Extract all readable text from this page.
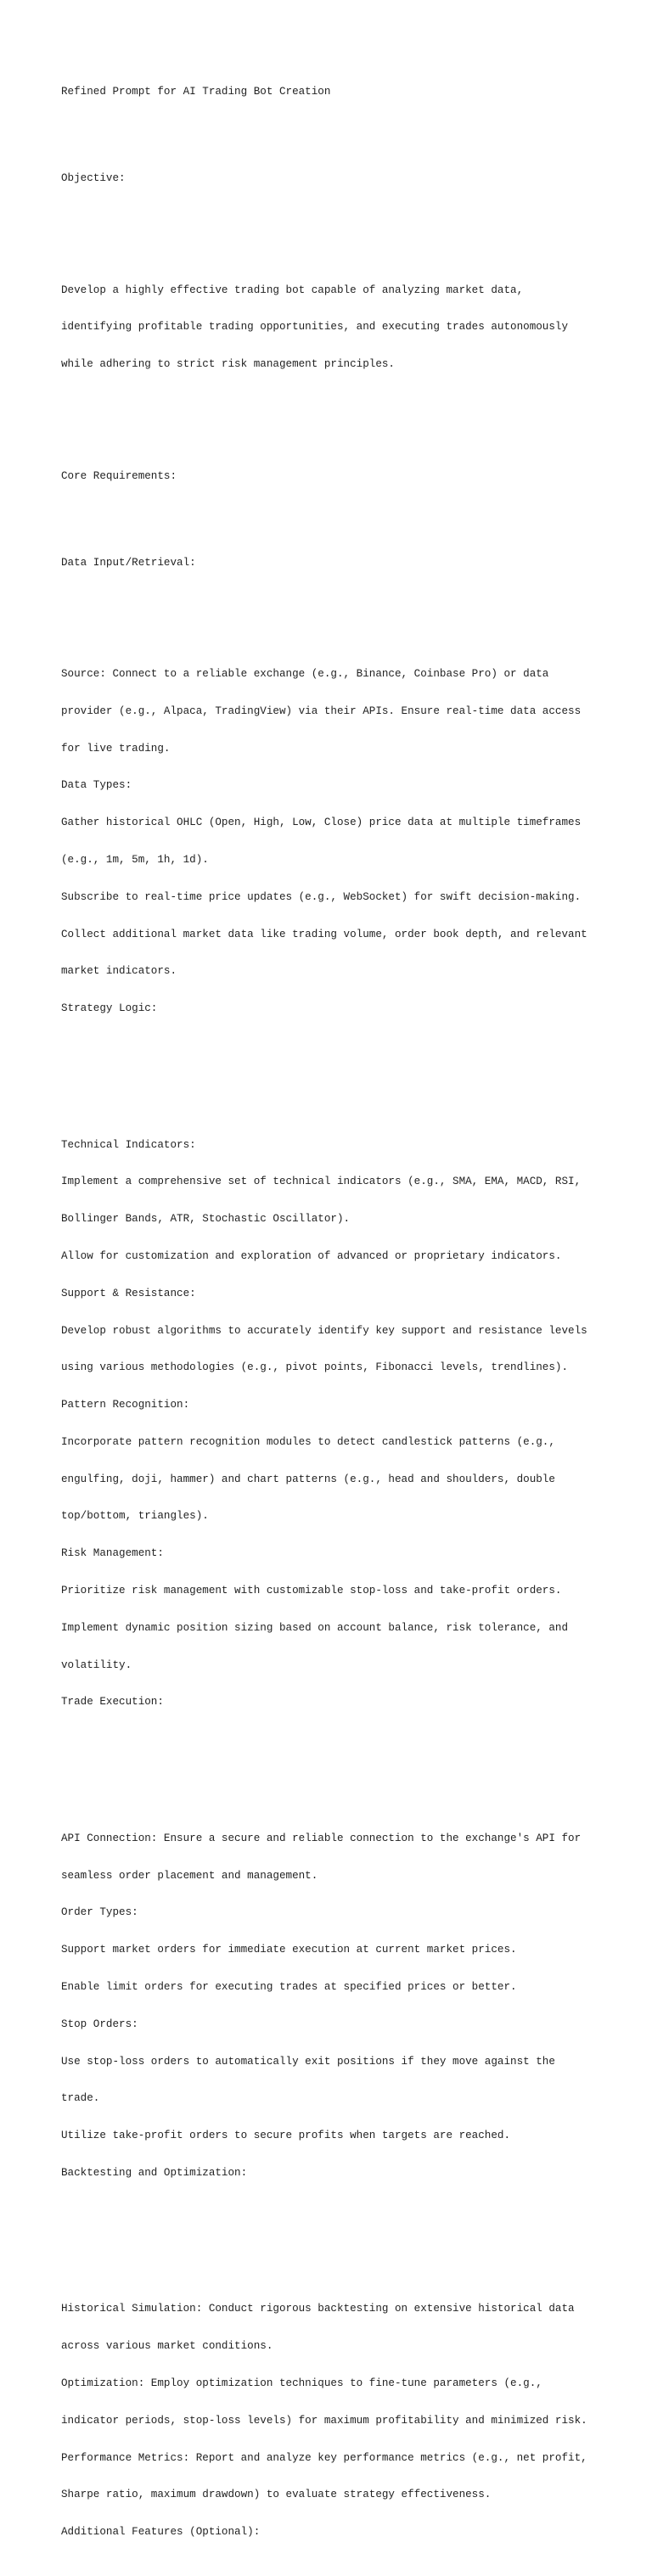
Refined Prompt for AI Trading Bot Creation

Objective:

Develop a highly effective trading bot capable of analyzing market data,

identifying profitable trading opportunities, and executing trades autonomously

while adhering to strict risk management principles.

Core Requirements:

Data Input/Retrieval:

Source: Connect to a reliable exchange (e.g., Binance, Coinbase Pro) or data

provider (e.g., Alpaca, TradingView) via their APIs. Ensure real-time data access

for live trading.

Data Types:

Gather historical OHLC (Open, High, Low, Close) price data at multiple timeframes

(e.g., 1m, 5m, 1h, 1d).

Subscribe to real-time price updates (e.g., WebSocket) for swift decision-making.

Collect additional market data like trading volume, order book depth, and relevant

market indicators.

Strategy Logic:

Technical Indicators:

Implement a comprehensive set of technical indicators (e.g., SMA, EMA, MACD, RSI,

Bollinger Bands, ATR, Stochastic Oscillator).

Allow for customization and exploration of advanced or proprietary indicators.

Support & Resistance:

Develop robust algorithms to accurately identify key support and resistance levels

using various methodologies (e.g., pivot points, Fibonacci levels, trendlines).

Pattern Recognition:

Incorporate pattern recognition modules to detect candlestick patterns (e.g.,

engulfing, doji, hammer) and chart patterns (e.g., head and shoulders, double

top/bottom, triangles).

Risk Management:

Prioritize risk management with customizable stop-loss and take-profit orders.

Implement dynamic position sizing based on account balance, risk tolerance, and

volatility.

Trade Execution:

API Connection: Ensure a secure and reliable connection to the exchange's API for

seamless order placement and management.

Order Types:

Support market orders for immediate execution at current market prices.

Enable limit orders for executing trades at specified prices or better.

Stop Orders:

Use stop-loss orders to automatically exit positions if they move against the

trade.

Utilize take-profit orders to secure profits when targets are reached.

Backtesting and Optimization:

Historical Simulation: Conduct rigorous backtesting on extensive historical data

across various market conditions.

Optimization: Employ optimization techniques to fine-tune parameters (e.g.,

indicator periods, stop-loss levels) for maximum profitability and minimized risk.

Performance Metrics: Report and analyze key performance metrics (e.g., net profit,

Sharpe ratio, maximum drawdown) to evaluate strategy effectiveness.

Additional Features (Optional):
